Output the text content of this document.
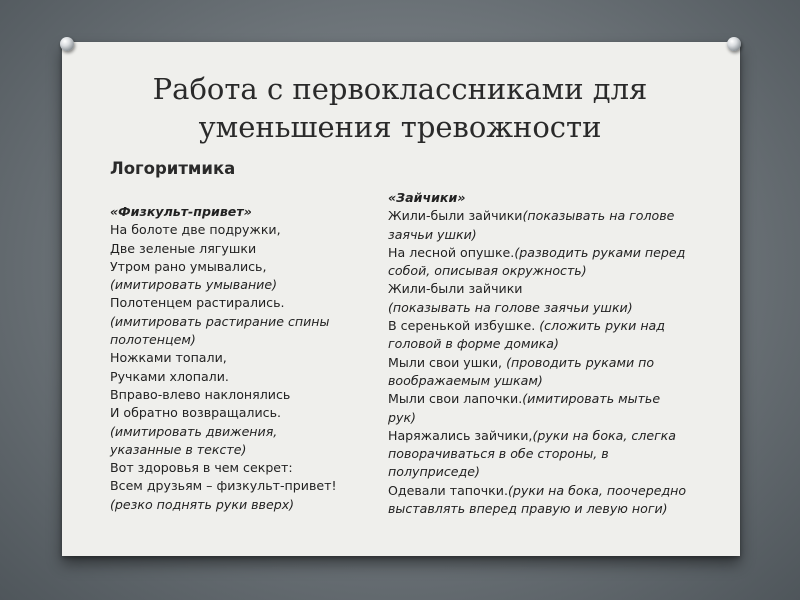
Работа с первоклассниками для
уменьшения тревожности
Логоритмика
«Физкульт-привет»
На болоте две подружки,
Две зеленые лягушки
Утром рано умывались,
(имитировать умывание)
Полотенцем растирались.
(имитировать растирание спины
полотенцем)
Ножками топали,
Ручками хлопали.
Вправо-влево наклонялись
И обратно возвращались.
(имитировать движения,
указанные в тексте)
Вот здоровья в чем секрет:
Всем друзьям – физкульт-привет!
(резко поднять руки вверх)
«Зайчики»
Жили-были зайчики(показывать на голове
заячьи ушки)
На лесной опушке.(разводить руками перед
собой, описывая окружность)
Жили-были зайчики
(показывать на голове заячьи ушки)
В серенькой избушке. (сложить руки над
головой в форме домика)
Мыли свои ушки, (проводить руками по
воображаемым ушкам)
Мыли свои лапочки.(имитировать мытье
рук)
Наряжались зайчики,(руки на бока, слегка
поворачиваться в обе стороны, в
полуприседе)
Одевали тапочки.(руки на бока, поочередно
выставлять вперед правую и левую ноги)
